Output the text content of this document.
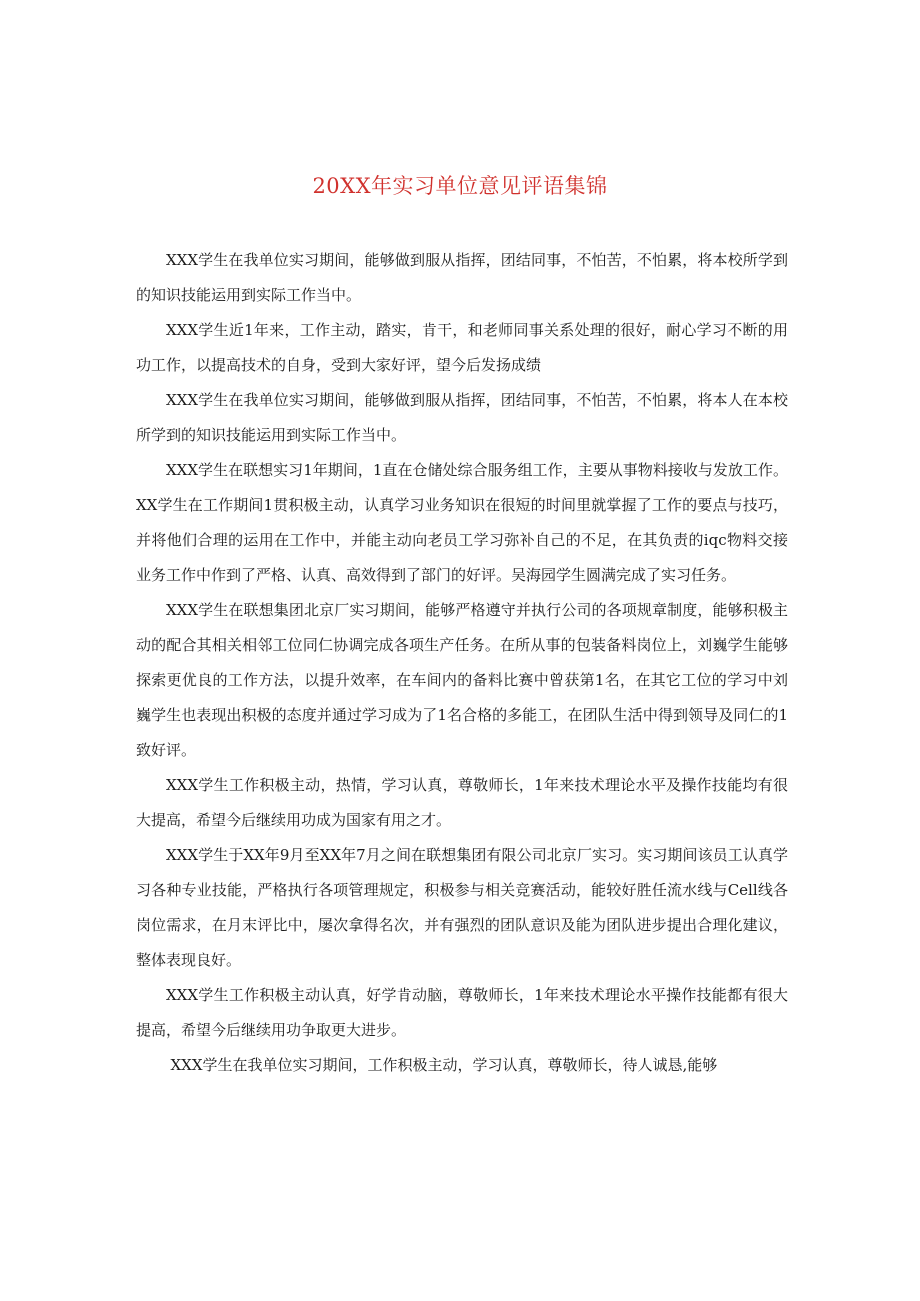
20XX年实习单位意见评语集锦

XXX学生在我单位实习期间，能够做到服从指挥，团结同事，不怕苦，不怕累，将本校所学到的知识技能运用到实际工作当中。

XXX学生近1年来，工作主动，踏实，肯干，和老师同事关系处理的很好，耐心学习不断的用功工作，以提高技术的自身，受到大家好评，望今后发扬成绩

XXX学生在我单位实习期间，能够做到服从指挥，团结同事，不怕苦，不怕累，将本人在本校所学到的知识技能运用到实际工作当中。

XXX学生在联想实习1年期间，1直在仓储处综合服务组工作，主要从事物料接收与发放工作。XX学生在工作期间1贯积极主动，认真学习业务知识在很短的时间里就掌握了工作的要点与技巧，并将他们合理的运用在工作中，并能主动向老员工学习弥补自己的不足，在其负责的iqc物料交接业务工作中作到了严格、认真、高效得到了部门的好评。吴海园学生圆满完成了实习任务。

XXX学生在联想集团北京厂实习期间，能够严格遵守并执行公司的各项规章制度，能够积极主动的配合其相关相邻工位同仁协调完成各项生产任务。在所从事的包装备料岗位上，刘巍学生能够探索更优良的工作方法，以提升效率，在车间内的备料比赛中曾获第1名，在其它工位的学习中刘巍学生也表现出积极的态度并通过学习成为了1名合格的多能工，在团队生活中得到领导及同仁的1致好评。

XXX学生工作积极主动，热情，学习认真，尊敬师长，1年来技术理论水平及操作技能均有很大提高，希望今后继续用功成为国家有用之才。

XXX学生于XX年9月至XX年7月之间在联想集团有限公司北京厂实习。实习期间该员工认真学习各种专业技能，严格执行各项管理规定，积极参与相关竞赛活动，能较好胜任流水线与Cell线各岗位需求，在月末评比中，屡次拿得名次，并有强烈的团队意识及能为团队进步提出合理化建议，整体表现良好。

XXX学生工作积极主动认真，好学肯动脑，尊敬师长，1年来技术理论水平操作技能都有很大提高，希望今后继续用功争取更大进步。

XXX学生在我单位实习期间，工作积极主动，学习认真，尊敬师长，待人诚恳,能够
